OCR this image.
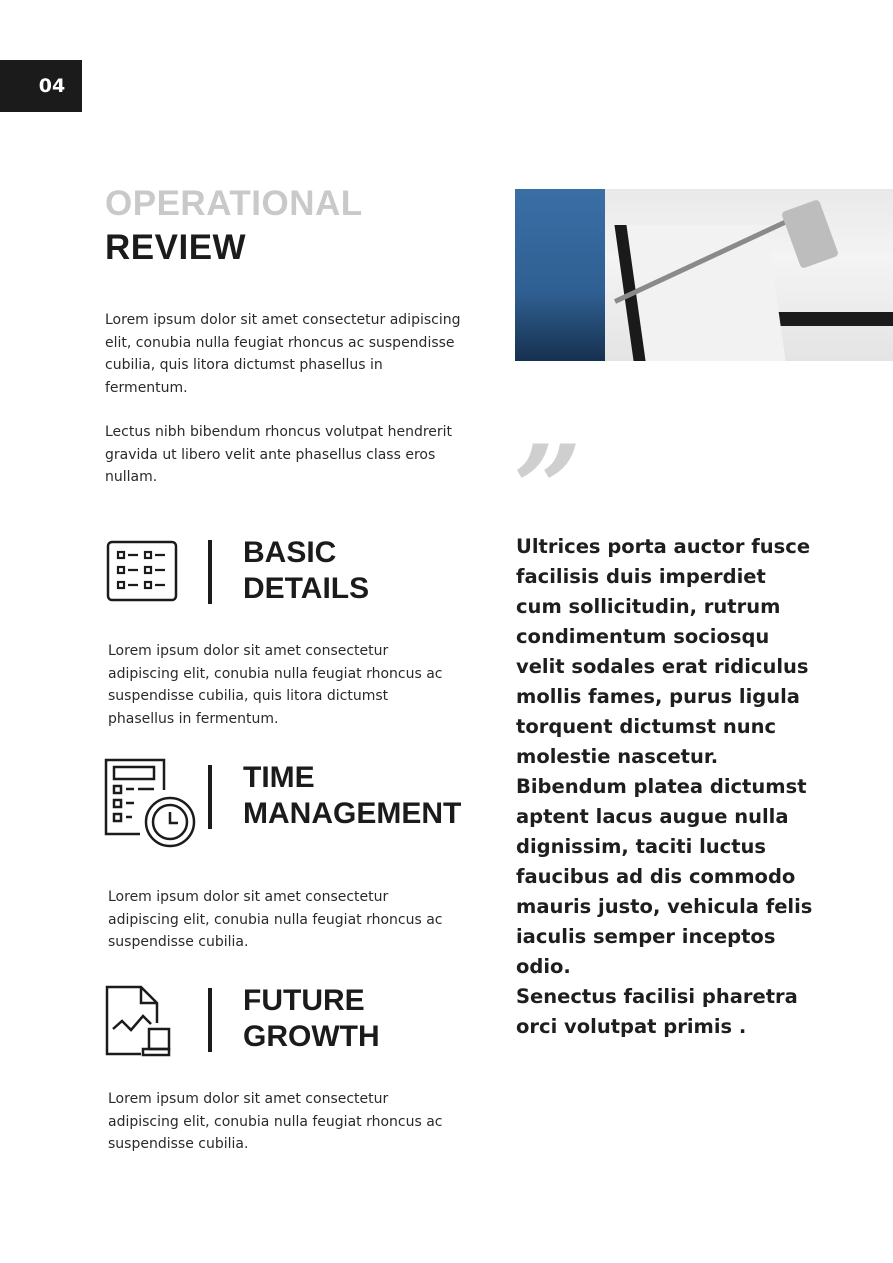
04
OPERATIONAL
REVIEW

Lorem ipsum dolor sit amet consectetur adipiscing elit, conubia nulla feugiat rhoncus ac suspendisse cubilia, quis litora dictumst phasellus in fermentum.

Lectus nibh bibendum rhoncus volutpat hendrerit gravida ut libero velit ante phasellus class eros nullam.

BASIC
DETAILS

Lorem ipsum dolor sit amet consectetur adipiscing elit, conubia nulla feugiat rhoncus ac suspendisse cubilia, quis litora dictumst phasellus in fermentum.

TIME
MANAGEMENT

Lorem ipsum dolor sit amet consectetur adipiscing elit, conubia nulla feugiat rhoncus ac suspendisse cubilia.

FUTURE
GROWTH

Lorem ipsum dolor sit amet consectetur adipiscing elit, conubia nulla feugiat rhoncus ac suspendisse cubilia.

”

Ultrices porta auctor fusce facilisis duis imperdiet cum sollicitudin, rutrum condimentum sociosqu velit sodales erat ridiculus mollis fames, purus ligula torquent dictumst nunc molestie nascetur. Bibendum platea dictumst aptent lacus augue nulla dignissim, taciti luctus faucibus ad dis commodo mauris justo, vehicula felis iaculis semper inceptos odio.

Senectus facilisi pharetra orci volutpat primis .
